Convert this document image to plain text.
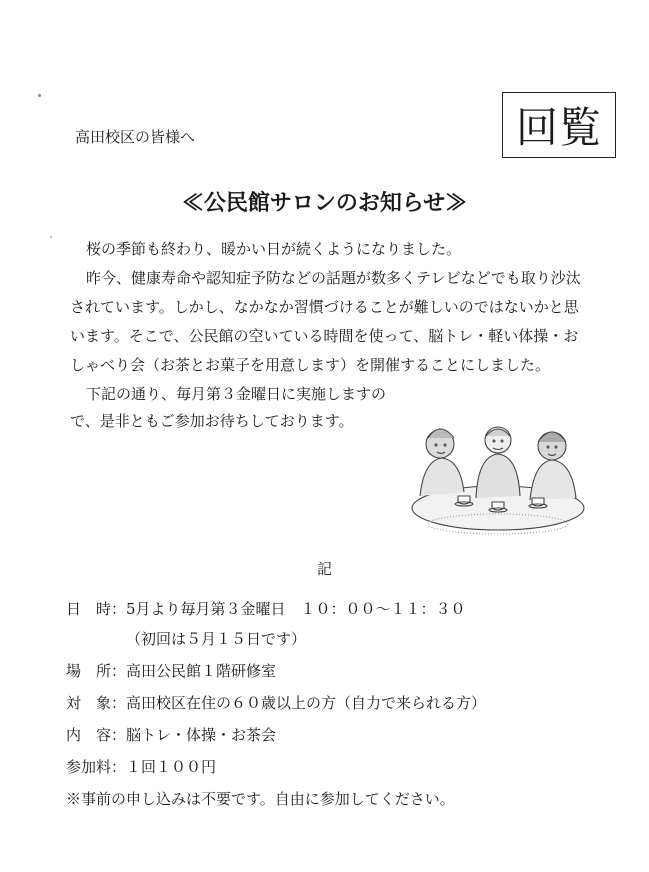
回覧
高田校区の皆様へ
≪公民館サロンのお知らせ≫
桜の季節も終わり、暖かい日が続くようになりました。
昨今、健康寿命や認知症予防などの話題が数多くテレビなどでも取り沙汰
されています。しかし、なかなか習慣づけることが難しいのではないかと思
います。そこで、公民館の空いている時間を使って、脳トレ・軽い体操・お
しゃべり会（お茶とお菓子を用意します）を開催することにしました。
下記の通り、毎月第３金曜日に実施しますの
で、是非ともご参加お待ちしております。
記
日　時：5月より毎月第３金曜日　１０：００～１１：３０
（初回は５月１５日です）
場　所：高田公民館１階研修室
対　象：高田校区在住の６０歳以上の方（自力で来られる方）
内　容：脳トレ・体操・お茶会
参加料：１回１００円
※事前の申し込みは不要です。自由に参加してください。
